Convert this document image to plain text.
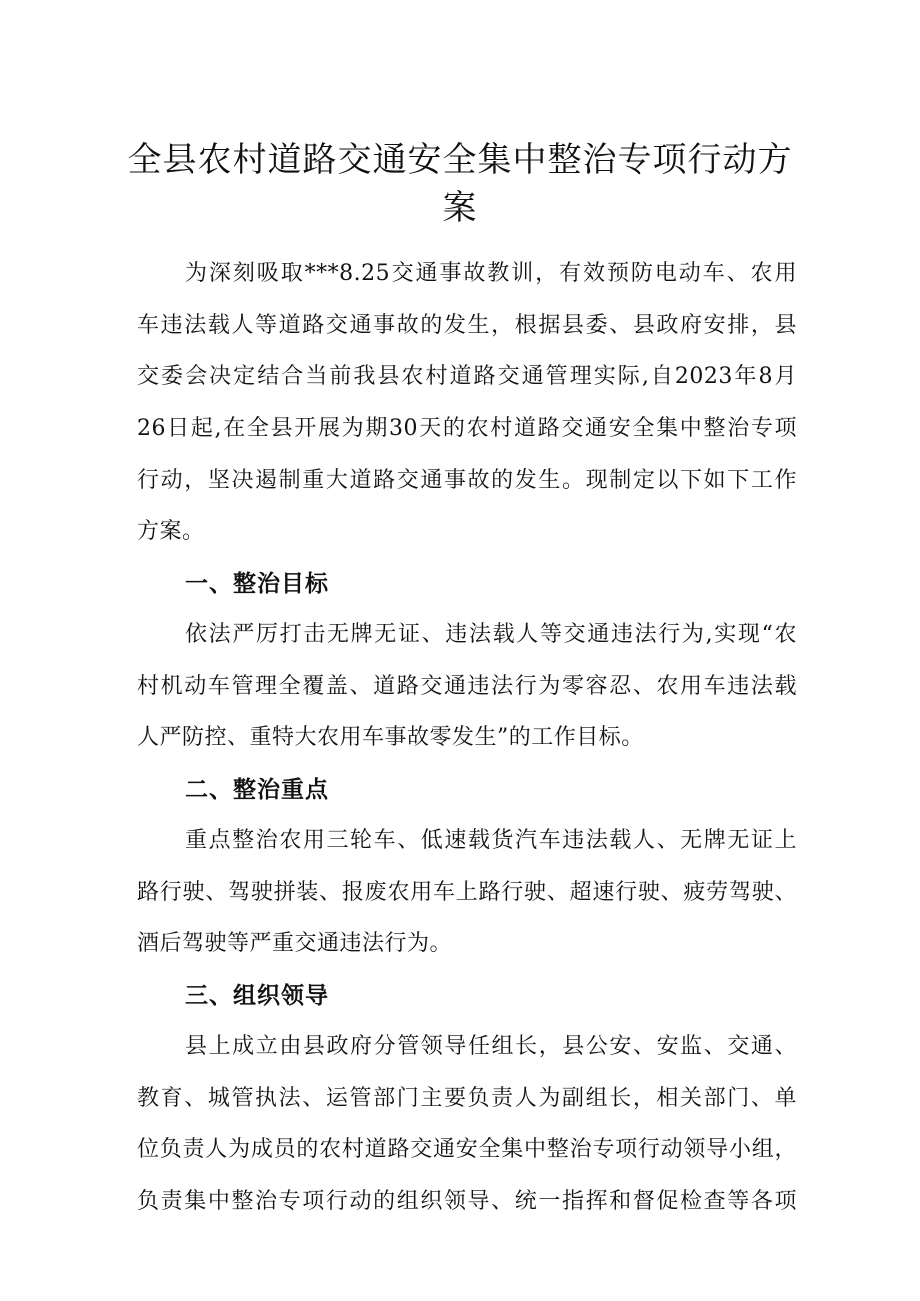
全县农村道路交通安全集中整治专项行动方
案
为深刻吸取***8.25交通事故教训，有效预防电动车、农用
车违法载人等道路交通事故的发生，根据县委、县政府安排，县
交委会决定结合当前我县农村道路交通管理实际,自2023年8月
26日起,在全县开展为期30天的农村道路交通安全集中整治专项
行动，坚决遏制重大道路交通事故的发生。现制定以下如下工作
方案。
一、整治目标
依法严厉打击无牌无证、违法载人等交通违法行为,实现“农
村机动车管理全覆盖、道路交通违法行为零容忍、农用车违法载
人严防控、重特大农用车事故零发生”的工作目标。
二、整治重点
重点整治农用三轮车、低速载货汽车违法载人、无牌无证上
路行驶、驾驶拼装、报废农用车上路行驶、超速行驶、疲劳驾驶、
酒后驾驶等严重交通违法行为。
三、组织领导
县上成立由县政府分管领导任组长，县公安、安监、交通、
教育、城管执法、运管部门主要负责人为副组长，相关部门、单
位负责人为成员的农村道路交通安全集中整治专项行动领导小组，
负责集中整治专项行动的组织领导、统一指挥和督促检查等各项
